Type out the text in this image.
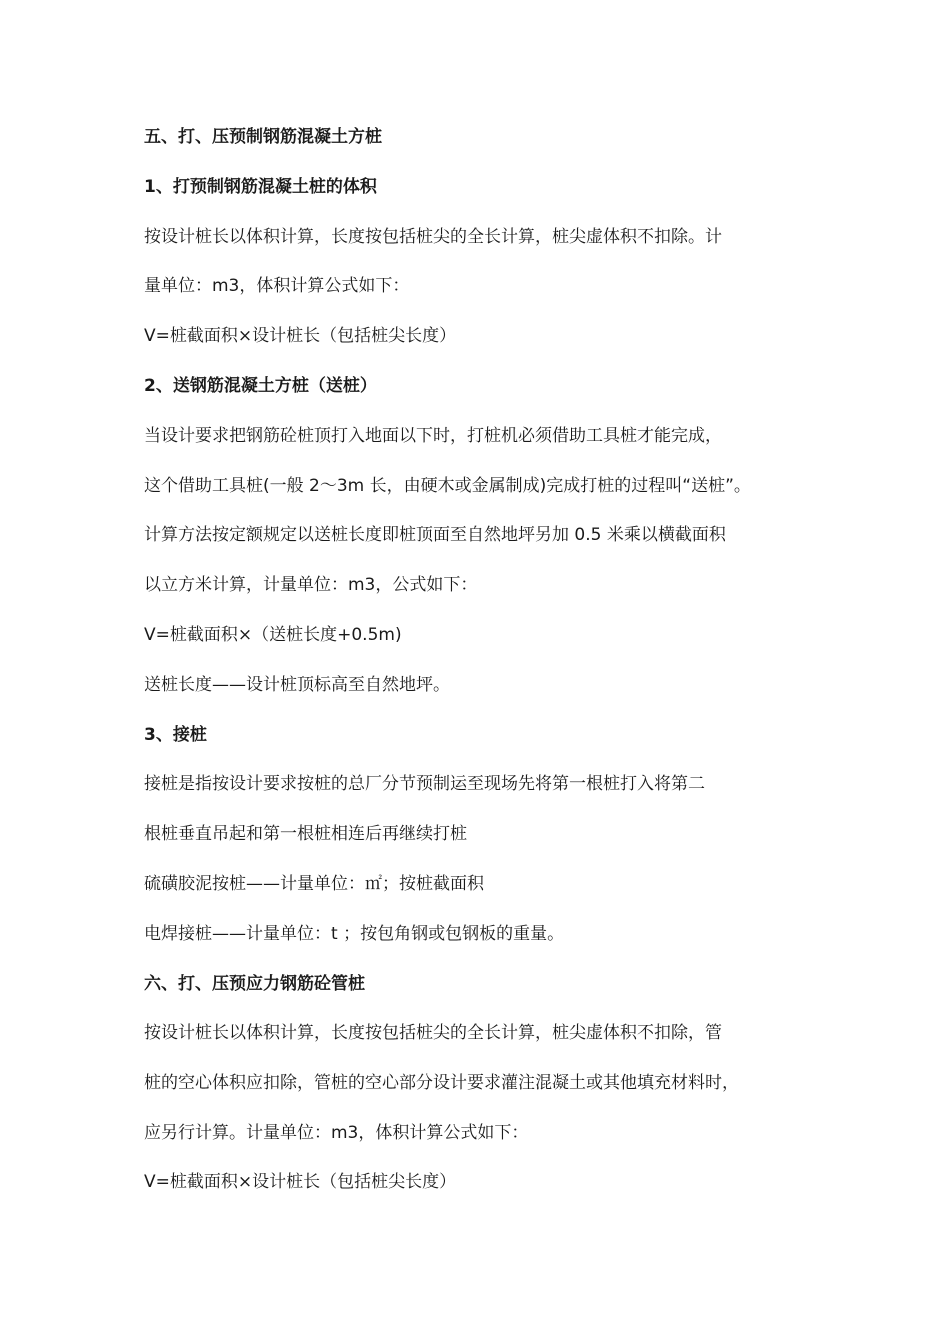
五、打、压预制钢筋混凝土方桩
1、打预制钢筋混凝土桩的体积
按设计桩长以体积计算，长度按包括桩尖的全长计算，桩尖虚体积不扣除。计
量单位：m3，体积计算公式如下：
V=桩截面积×设计桩长（包括桩尖长度）
2、送钢筋混凝土方桩（送桩）
当设计要求把钢筋砼桩顶打入地面以下时，打桩机必须借助工具桩才能完成，
这个借助工具桩(一般 2～3m 长，由硬木或金属制成)完成打桩的过程叫“送桩”。
计算方法按定额规定以送桩长度即桩顶面至自然地坪另加 0.5 米乘以横截面积
以立方米计算，计量单位：m3，公式如下：
V=桩截面积×（送桩长度+0.5m)
送桩长度——设计桩顶标高至自然地坪。
3、接桩
接桩是指按设计要求按桩的总厂分节预制运至现场先将第一根桩打入将第二
根桩垂直吊起和第一根桩相连后再继续打桩
硫磺胶泥按桩——计量单位：㎡；按桩截面积
电焊接桩——计量单位：t ；按包角钢或包钢板的重量。
六、打、压预应力钢筋砼管桩
按设计桩长以体积计算，长度按包括桩尖的全长计算，桩尖虚体积不扣除，管
桩的空心体积应扣除，管桩的空心部分设计要求灌注混凝土或其他填充材料时，
应另行计算。计量单位：m3，体积计算公式如下：
V=桩截面积×设计桩长（包括桩尖长度）
